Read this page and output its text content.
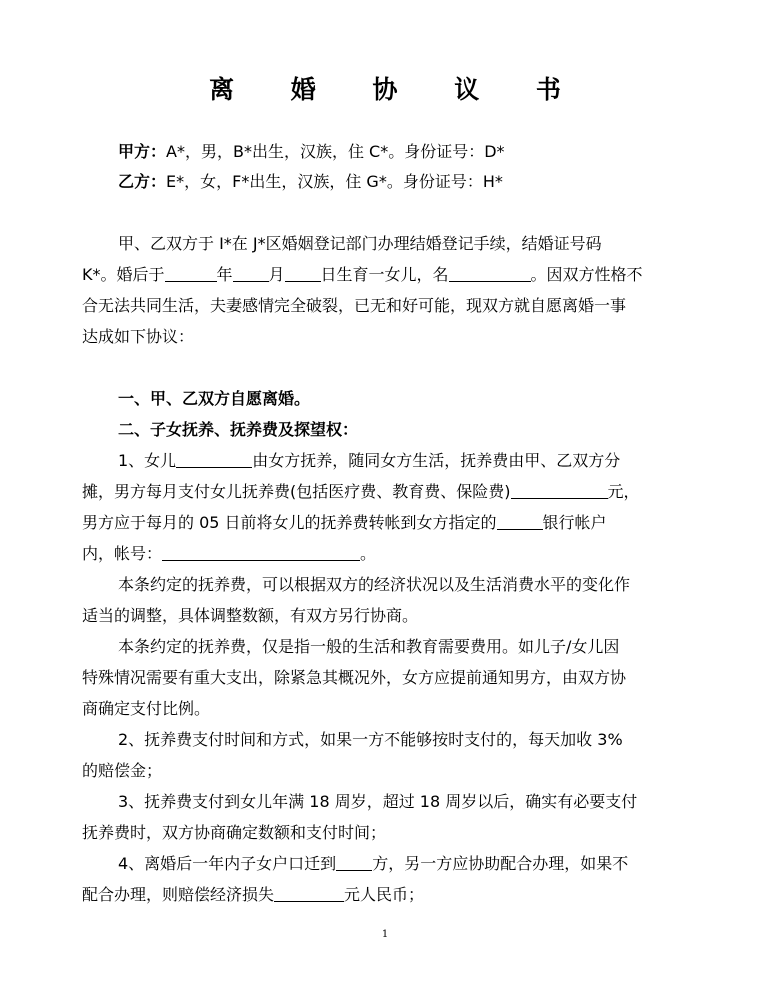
离 婚 协 议 书
甲方：A*，男，B*出生，汉族，住 C*。身份证号：D*
乙方：E*，女，F*出生，汉族，住 G*。身份证号：H*
甲、乙双方于 I*在 J*区婚姻登记部门办理结婚登记手续，结婚证号码
K*。婚后于	年 月 日生育一女儿，名	。因双方性格不
合无法共同生活，夫妻感情完全破裂，已无和好可能，现双方就自愿离婚一事
达成如下协议：
一、甲、乙双方自愿离婚。
二、子女抚养、抚养费及探望权：
1、女儿	由女方抚养，随同女方生活，抚养费由甲、乙双方分
摊，男方每月支付女儿抚养费(包括医疗费、教育费、保险费)	元，
男方应于每月的 05 日前将女儿的抚养费转帐到女方指定的	银行帐户
内，帐号：	。
本条约定的抚养费，可以根据双方的经济状况以及生活消费水平的变化作
适当的调整，具体调整数额，有双方另行协商。
本条约定的抚养费，仅是指一般的生活和教育需要费用。如儿子/女儿因
特殊情况需要有重大支出，除紧急其概况外，女方应提前通知男方，由双方协
商确定支付比例。
2、抚养费支付时间和方式，如果一方不能够按时支付的，每天加收 3%
的赔偿金；
3、抚养费支付到女儿年满 18 周岁，超过 18 周岁以后，确实有必要支付
抚养费时，双方协商确定数额和支付时间；
4、离婚后一年内子女户口迁到 方，另一方应协助配合办理，如果不
配合办理，则赔偿经济损失	元人民币；
1
